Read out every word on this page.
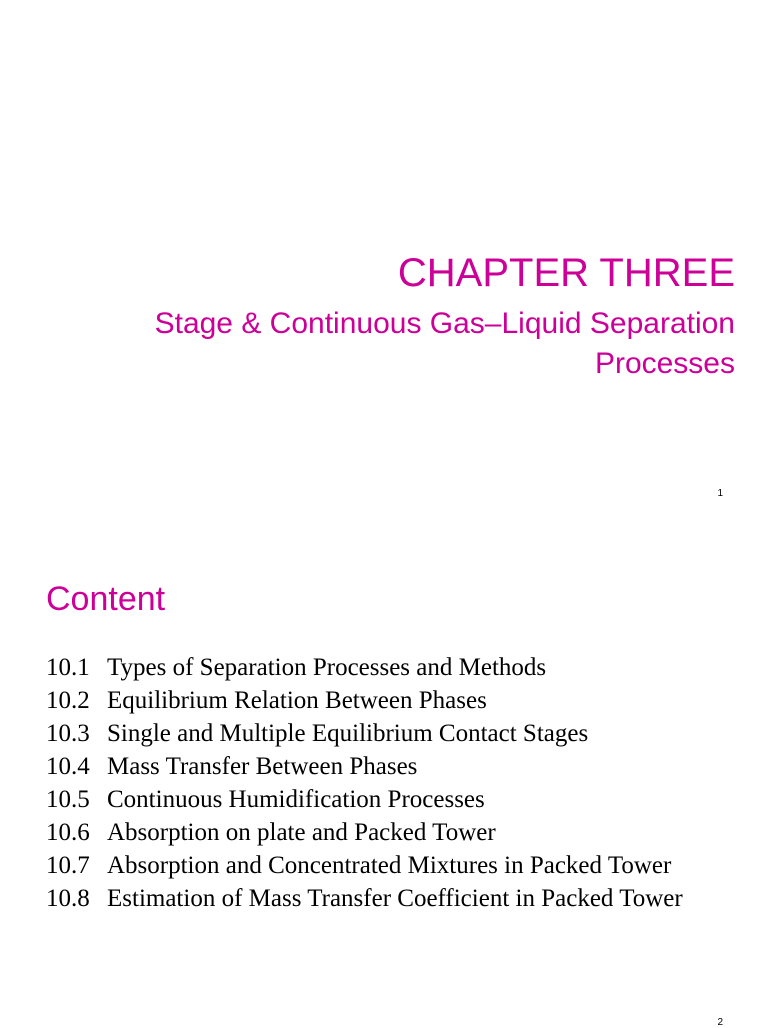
CHAPTER THREE
Stage & Continuous Gas–Liquid Separation Processes
1
Content
10.1 Types of Separation Processes and Methods
10.2 Equilibrium Relation Between Phases
10.3 Single and Multiple Equilibrium Contact Stages
10.4 Mass Transfer Between Phases
10.5 Continuous Humidification Processes
10.6 Absorption on plate and Packed Tower
10.7 Absorption and Concentrated Mixtures in Packed Tower
10.8 Estimation of Mass Transfer Coefficient in Packed Tower
2
